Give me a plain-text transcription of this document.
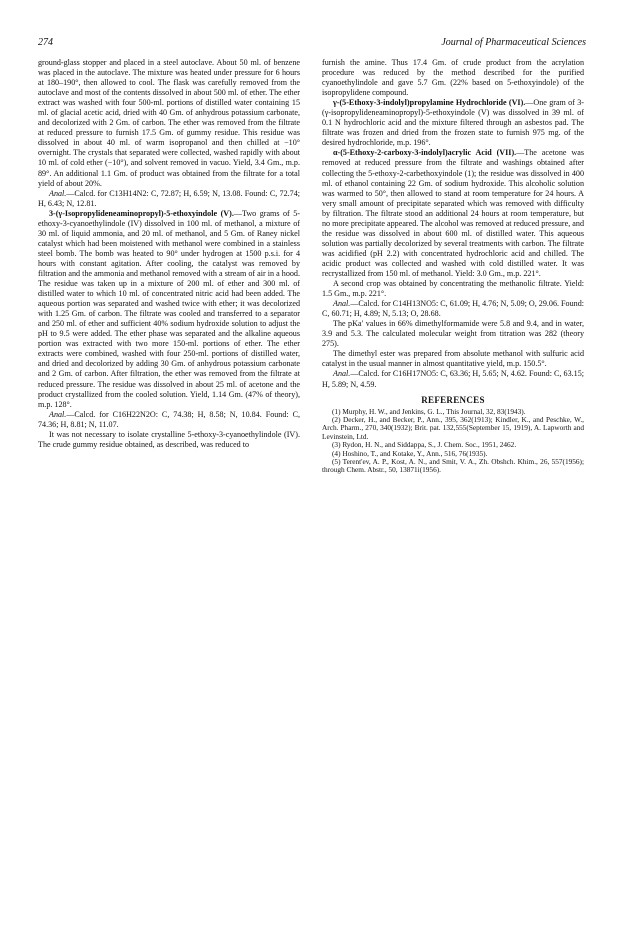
274	Journal of Pharmaceutical Sciences

ground-glass stopper and placed in a steel autoclave. About 50 ml. of benzene was placed in the autoclave. The mixture was heated under pressure for 6 hours at 180–190°, then allowed to cool. The flask was carefully removed from the autoclave and most of the contents dissolved in about 500 ml. of ether. The ether extract was washed with four 500-ml. portions of distilled water containing 15 ml. of glacial acetic acid, dried with 40 Gm. of anhydrous potassium carbonate, and decolorized with 2 Gm. of carbon. The ether was removed from the filtrate at reduced pressure to furnish 17.5 Gm. of gummy residue. This residue was dissolved in about 40 ml. of warm isopropanol and then chilled at −10° overnight. The crystals that separated were collected, washed rapidly with about 10 ml. of cold ether (−10°), and solvent removed in vacuo. Yield, 3.4 Gm., m.p. 89°. An additional 1.1 Gm. of product was obtained from the filtrate for a total yield of about 20%.

Anal.—Calcd. for C13H14N2: C, 72.87; H, 6.59; N, 13.08. Found: C, 72.74; H, 6.43; N, 12.81.

3-(γ-Isopropylideneaminopropyl)-5-ethoxyindole (V).—Two grams of 5-ethoxy-3-cyanoethylindole (IV) dissolved in 100 ml. of methanol, a mixture of 30 ml. of liquid ammonia, and 20 ml. of methanol, and 5 Gm. of Raney nickel catalyst which had been moistened with methanol were combined in a stainless steel bomb. The bomb was heated to 90° under hydrogen at 1500 p.s.i. for 4 hours with constant agitation. After cooling, the catalyst was removed by filtration and the ammonia and methanol removed with a stream of air in a hood. The residue was taken up in a mixture of 200 ml. of ether and 300 ml. of distilled water to which 10 ml. of concentrated nitric acid had been added. The aqueous portion was separated and washed twice with ether; it was decolorized with 1.25 Gm. of carbon. The filtrate was cooled and transferred to a separator and 250 ml. of ether and sufficient 40% sodium hydroxide solution to adjust the pH to 9.5 were added. The ether phase was separated and the alkaline aqueous portion was extracted with two more 150-ml. portions of ether. The ether extracts were combined, washed with four 250-ml. portions of distilled water, and dried and decolorized by adding 30 Gm. of anhydrous potassium carbonate and 2 Gm. of carbon. After filtration, the ether was removed from the filtrate at reduced pressure. The residue was dissolved in about 25 ml. of acetone and the product crystallized from the cooled solution. Yield, 1.14 Gm. (47% of theory), m.p. 128°.

Anal.—Calcd. for C16H22N2O: C, 74.38; H, 8.58; N, 10.84. Found: C, 74.36; H, 8.81; N, 11.07.

It was not necessary to isolate crystalline 5-ethoxy-3-cyanoethylindole (IV). The crude gummy residue obtained, as described, was reduced to

furnish the amine. Thus 17.4 Gm. of crude product from the acrylation procedure was reduced by the method described for the purified cyanoethylindole and gave 5.7 Gm. (22% based on 5-ethoxyindole) of the isopropylidene compound.

γ-(5-Ethoxy-3-indolyl)propylamine Hydrochloride (VI).—One gram of 3-(γ-isopropylideneaminopropyl)-5-ethoxyindole (V) was dissolved in 39 ml. of 0.1 N hydrochloric acid and the mixture filtered through an asbestos pad. The filtrate was frozen and dried from the frozen state to furnish 975 mg. of the desired hydrochloride, m.p. 196°.

α-(5-Ethoxy-2-carboxy-3-indolyl)acrylic Acid (VII).—The acetone was removed at reduced pressure from the filtrate and washings obtained after collecting the 5-ethoxy-2-carbethoxyindole (1); the residue was dissolved in 400 ml. of ethanol containing 22 Gm. of sodium hydroxide. This alcoholic solution was warmed to 50°, then allowed to stand at room temperature for 24 hours. A very small amount of precipitate separated which was removed with difficulty by filtration. The filtrate stood an additional 24 hours at room temperature, but no more precipitate appeared. The alcohol was removed at reduced pressure, and the residue was dissolved in about 600 ml. of distilled water. This aqueous solution was partially decolorized by several treatments with carbon. The filtrate was acidified (pH 2.2) with concentrated hydrochloric acid and chilled. The acidic product was collected and washed with cold distilled water. It was recrystallized from 150 ml. of methanol. Yield: 3.0 Gm., m.p. 221°.

A second crop was obtained by concentrating the methanolic filtrate. Yield: 1.5 Gm., m.p. 221°.

Anal.—Calcd. for C14H13NO5: C, 61.09; H, 4.76; N, 5.09; O, 29.06. Found: C, 60.71; H, 4.89; N, 5.13; O, 28.68.

The pKa′ values in 66% dimethylformamide were 5.8 and 9.4, and in water, 3.9 and 5.3. The calculated molecular weight from titration was 282 (theory 275).

The dimethyl ester was prepared from absolute methanol with sulfuric acid catalyst in the usual manner in almost quantitative yield, m.p. 150.5°.

Anal.—Calcd. for C16H17NO5: C, 63.36; H, 5.65; N, 4.62. Found: C, 63.15; H, 5.89; N, 4.59.

REFERENCES

(1) Murphy, H. W., and Jenkins, G. L., This Journal, 32, 83(1943).

(2) Decker, H., and Becker, P., Ann., 395, 362(1913); Kindler, K., and Peschke, W., Arch. Pharm., 270, 340(1932); Brit. pat. 132,555(September 15, 1919), A. Lapworth and Levinstein, Ltd.

(3) Rydon, H. N., and Siddappa, S., J. Chem. Soc., 1951, 2462.

(4) Hoshino, T., and Kotake, Y., Ann., 516, 76(1935).

(5) Terent'ev, A. P., Kost, A. N., and Smit, V. A., Zh. Obshch. Khim., 26, 557(1956); through Chem. Abstr., 50, 13871i(1956).
